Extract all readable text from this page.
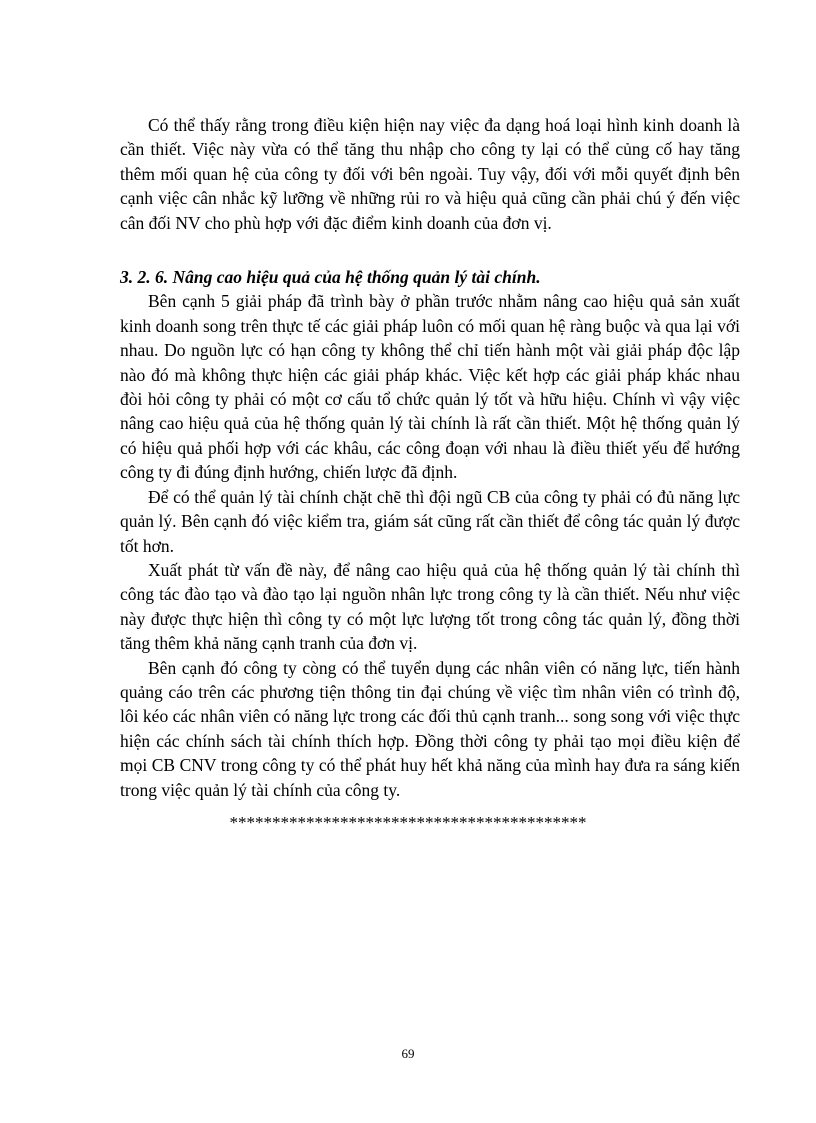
Có thể thấy rằng trong điều kiện hiện nay việc đa dạng hoá loại hình kinh doanh là cần thiết. Việc này vừa có thể tăng thu nhập cho công ty lại có thể củng cố hay tăng thêm mối quan hệ của công ty đối với bên ngoài. Tuy vậy, đối với mỗi quyết định bên cạnh việc cân nhắc kỹ lưỡng về những rủi ro và hiệu quả cũng cần phải chú ý đến việc cân đối NV cho phù hợp với đặc điểm kinh doanh của đơn vị.

3. 2. 6. Nâng cao hiệu quả của hệ thống quản lý tài chính.

Bên cạnh 5 giải pháp đã trình bày ở phần trước nhằm nâng cao hiệu quả sản xuất kinh doanh song trên thực tế các giải pháp luôn có mối quan hệ ràng buộc và qua lại với nhau. Do nguồn lực có hạn công ty không thể chỉ tiến hành một vài giải pháp độc lập nào đó mà không thực hiện các giải pháp khác. Việc kết hợp các giải pháp khác nhau đòi hỏi công ty phải có một cơ cấu tổ chức quản lý tốt và hữu hiệu. Chính vì vậy việc nâng cao hiệu quả của hệ thống quản lý tài chính là rất cần thiết. Một hệ thống quản lý có hiệu quả phối hợp với các khâu, các công đoạn với nhau là điều thiết yếu để hướng công ty đi đúng định hướng, chiến lược đã định.

Để có thể quản lý tài chính chặt chẽ thì đội ngũ CB của công ty phải có đủ năng lực quản lý. Bên cạnh đó việc kiểm tra, giám sát cũng rất cần thiết để công tác quản lý được tốt hơn.

Xuất phát từ vấn đề này, để nâng cao hiệu quả của hệ thống quản lý tài chính thì công tác đào tạo và đào tạo lại nguồn nhân lực trong công ty là cần thiết. Nếu như việc này được thực hiện thì công ty có một lực lượng tốt trong công tác quản lý, đồng thời tăng thêm khả năng cạnh tranh của đơn vị.

Bên cạnh đó công ty còng có thể tuyển dụng các nhân viên có năng lực, tiến hành quảng cáo trên các phương tiện thông tin đại chúng về việc tìm nhân viên có trình độ, lôi kéo các nhân viên có năng lực trong các đối thủ cạnh tranh... song song với việc thực hiện các chính sách tài chính thích hợp. Đồng thời công ty phải tạo mọi điều kiện để mọi CB CNV trong công ty có thể phát huy hết khả năng của mình hay đưa ra sáng kiến trong việc quản lý tài chính của công ty.

******************************************
69
